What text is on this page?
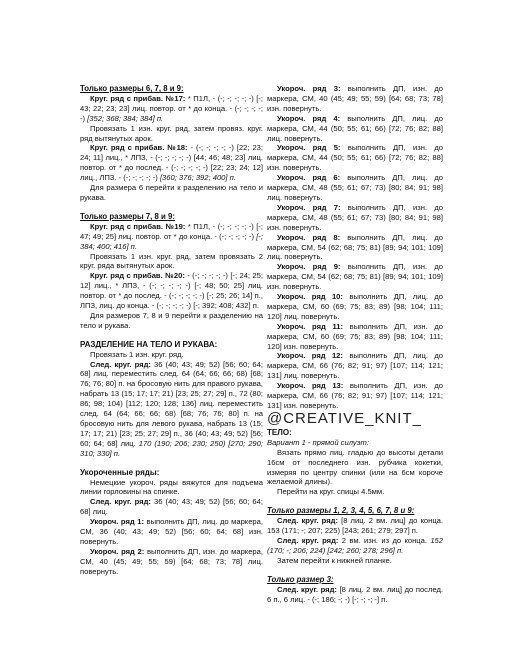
Только размеры 6, 7, 8 и 9:

Круг. ряд с прибав. №17: * П1Л, - (-; -; -; -; -) [-; 43; 22; 23; 23] лиц. повтор. от * до конца. - (-; -; -; -; -) [352; 368; 384; 384] п.

Провязать 1 изн. круг. ряд, затем провяз. круг. ряд вытянутых арок.

Круг. ряд с прибав. №18: - (-; -; -; -; -) [22; 23; 24; 11] лиц., * ЛПЗ, - (-; -; -; -; -) [44; 46; 48; 23] лиц. повтор. от * до послед. - (-; -; -; -; -) [22; 23; 24; 12] лиц., ЛПЗ. - (-; -; -; -; -) [360; 376; 392; 400] п.

Для размера 6 перейти к разделению на тело и рукава.

Только размеры 7, 8 и 9:

Круг. ряд с прибав. №19: * П1Л, - (-; -; -; -; -) [-; 47; 49; 25] лиц. повтор. от * до конца. - (-; -; -; -; -) [-; 384; 400; 416] п.

Провязать 1 изн. круг. ряд, затем провязать 2 круг. ряда вытянутых арок.

Круг. ряд с прибав. №20: - (-; -; -; -; -) [-; 24; 25; 12] лиц., * ЛПЗ, - (-; -; -; -; -) [-; 48; 50; 25] лиц. повтор. от * до послед. - (-; -; -; -; -) [-; 25; 26; 14] п., ЛПЗ, лиц. до конца. - (-; -; -; -; -) [-; 392; 408; 432] п.

Для размеров 7, 8 и 9 перейти к разделению на тело и рукава.

РАЗДЕЛЕНИЕ НА ТЕЛО И РУКАВА:

Провязать 1 изн. круг. ряд.

След. круг. ряд: 36 (40; 43; 49; 52) [56; 60; 64; 68] лиц. переместить след. 64 (64; 66; 66; 68) [68; 76; 76; 80] п. на бросовую нить для правого рукава, набрать 13 (15; 17; 17; 21) [23; 25; 27; 29] п., 72 (80; 86; 98; 104) [112; 120; 128; 136] лиц. переместить след. 64 (64; 66; 66; 68) [68; 76; 76; 80] п. на бросовую нить для левого рукава, набрать 13 (15; 17; 17; 21) [23; 25; 27; 29] п., 36 (40; 43; 49; 52) [56; 60; 64; 68] лиц. 170 (190; 206; 230; 250) [270; 290; 310; 330] п.

Укороченные ряды:

Немецкие укороч. ряды вяжутся для подъема линии горловины на спинке.

След. круг. ряд: 36 (40; 43; 49; 52) [56; 60; 64; 68] лиц.

Укороч. ряд 1: выполнить ДП, лиц. до маркера, СМ, 36 (40; 43; 49; 52) [56; 60; 64; 68] изн. повернуть.

Укороч. ряд 2: выполнить ДП, изн. до маркера, СМ, 40 (45; 49; 55; 59) [64; 68; 73; 78] лиц. повернуть.

Укороч. ряд 3: выполнить ДП, изн. до маркера, СМ, 40 (45; 49; 55; 59) [64; 68; 73; 78] изн. повернуть.

Укороч. ряд 4: выполнить ДП, лиц. до маркера, СМ, 44 (50; 55; 61; 66) [72; 76; 82; 88] лиц. повернуть.

Укороч. ряд 5: выполнить ДП, изн. до маркера, СМ, 44 (50; 55; 61; 66) [72; 76; 82; 88] изн. повернуть.

Укороч. ряд 6: выполнить ДП, лиц. до маркера, СМ, 48 (55; 61; 67; 73) [80; 84; 91; 98] лиц. повернуть.

Укороч. ряд 7: выполнить ДП, изн. до маркера, СМ, 48 (55; 61; 67; 73) [80; 84; 91; 98] изн. повернуть.

Укороч. ряд 8: выполнить ДП, лиц. до маркера, СМ, 54 (62; 68; 75; 81) [89; 94; 101; 109] лиц. повернуть.

Укороч. ряд 9: выполнить ДП, изн. до маркера, СМ, 54 (62; 68; 75; 81) [89; 94; 101; 109] изн. повернуть.

Укороч. ряд 10: выполнить ДП, лиц. до маркера, СМ, 60 (69; 75; 83; 89) [98; 104; 111; 120] лиц. повернуть.

Укороч. ряд 11: выполнить ДП, изн. до маркера, СМ, 60 (69; 75; 83; 89) [98; 104; 111; 120] изн. повернуть.

Укороч. ряд 12: выполнить ДП, лиц. до маркера, СМ, 66 (76; 82; 91; 97) [107; 114; 121; 131] лиц. повернуть.

Укороч. ряд 13: выполнить ДП, изн. до маркера, СМ, 66 (76; 82; 91; 97) [107; 114; 121; 131] изн. повернуть.

@CREATIVE_KNIT_

ТЕЛО:

Вариант 1 - прямой силуэт:

Вязать прямо лиц. гладью до высоты детали 16см от последнего изн. рубчика кокетки, измеряя по центру спинки (или на 6см короче желаемой длины).

Перейти на круг. спицы 4.5мм.

Только размеры 1, 2, 3, 4, 5, 6, 7, 8 и 9:

След. круг. ряд: [8 лиц. 2 вм. лиц] до конца. 153 (171; -; 207; 225) [243; 261; 279; 297] п.

След. круг. ряд: 2 вм. изн. из до конца. 152 (170; -; 206; 224) [242; 260; 278; 296] п.

Затем перейти к нижней планке.

Только размер 3:

След. круг. ряд: [8 лиц. 2 вм. лиц] до послед. 6 п., 6 лиц. - (-; 186; -; -) [-; -; -; -] п.
